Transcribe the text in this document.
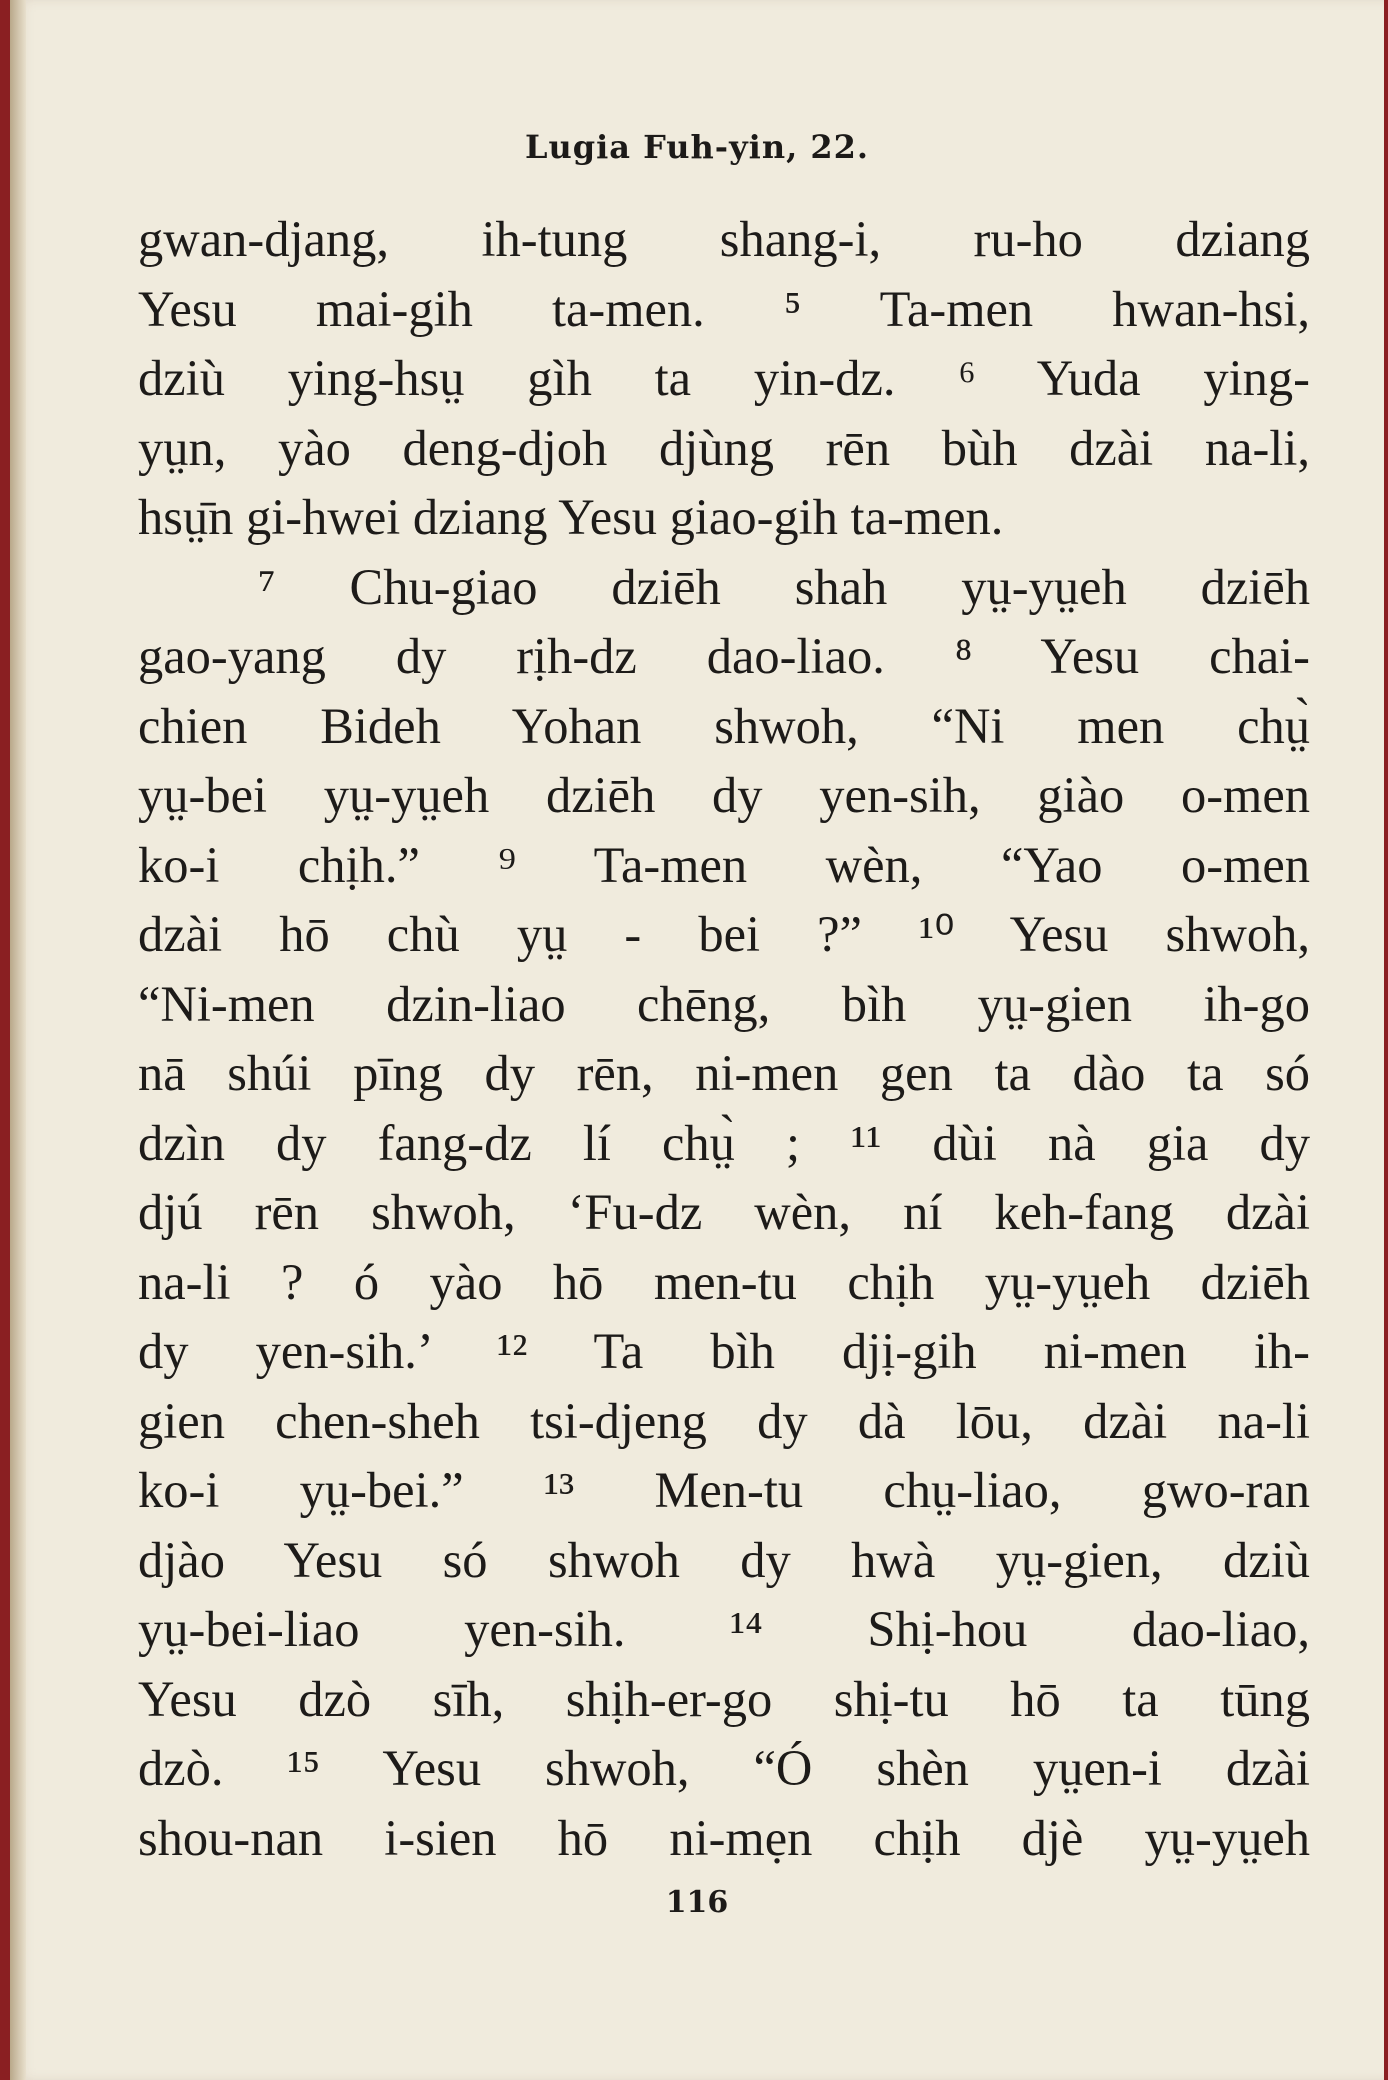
Lugia Fuh-yin, 22.
gwan-djang, ih-tung shang-i, ru-ho dziang
Yesu mai-gih ta-men. ⁵ Ta-men hwan-hsi,
dziù ying-hsṳ gìh ta yin-dz. ⁶ Yuda ying-
yṳn, yào deng-djoh djùng rēn bùh dzài na-li,
hsṳ̄n gi-hwei dziang Yesu giao-gih ta-men.
⁷ Chu-giao dziēh shah yṳ-yṳeh dziēh
gao-yang dy rịh-dz dao-liao. ⁸ Yesu chai-
chien Bideh Yohan shwoh, “Ni men chṳ̀
yṳ-bei yṳ-yṳeh dziēh dy yen-sih, giào o-men
ko-i chịh.” ⁹ Ta-men wèn, “Yao o-men
dzài hō chù yṳ - bei ?” ¹⁰ Yesu shwoh,
“Ni-men dzin-liao chēng, bìh yṳ-gien ih-go
nā shúi pīng dy rēn, ni-men gen ta dào ta só
dzìn dy fang-dz lí chṳ̀ ; ¹¹ dùi nà gia dy
djú rēn shwoh, ‘Fu-dz wèn, ní keh-fang dzài
na-li ? ó yào hō men-tu chịh yṳ-yṳeh dziēh
dy yen-sih.’ ¹² Ta bìh djị-gih ni-men ih-
gien chen-sheh tsi-djeng dy dà lōu, dzài na-li
ko-i yṳ-bei.” ¹³ Men-tu chṳ-liao, gwo-ran
djào Yesu só shwoh dy hwà yṳ-gien, dziù
yṳ-bei-liao yen-sih. ¹⁴ Shị-hou dao-liao,
Yesu dzò sīh, shịh-er-go shị-tu hō ta tūng
dzò. ¹⁵ Yesu shwoh, “Ó shèn yṳen-i dzài
shou-nan i-sien hō ni-mẹn chịh djè yṳ-yṳeh
116
